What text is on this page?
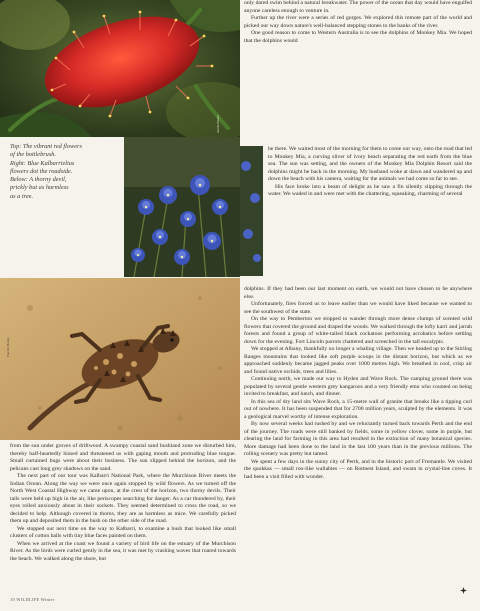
Annie Bluett
Top: The vibrant red flowers
of the bottlebrush.
Right: Blue Kalbarrielius
flowers dot the roadside.
Below: A thorny devil,
prickly but as harmless
as a tree.
Patrick Bailey

only dared swim behind a natural breakwater. The power of the ocean that day would have engulfed anyone careless enough to venture in.

Further up the river were a series of red gorges. We explored this remote part of the world and picked our way down nature's well-balanced stepping stones to the banks of the river.

One good reason to come to Western Australia is to see the dolphins of Monkey Mia. We hoped that the dolphins would

be there. We waited most of the morning for them to come our way, onto the road that led to Monkey Mia, a curving sliver of ivory beach separating the red earth from the blue sea. The sun was setting, and the owners of the Monkey Mia Dolphin Resort said the dolphins might be back in the morning. My husband woke at dawn and wandered up and down the beach with his camera, waiting for the animals we had come so far to see.

His face broke into a beam of delight as he saw a fin silently slipping through the water. We waded in and were met with the chattering, squeaking, charming of several

dolphins. If they had been our last moment on earth, we would not have chosen to be anywhere else.

Unfortunately, fires forced us to leave earlier than we would have liked because we wanted to see the southwest of the state.

On the way to Pemberton we stopped to wander through more dense clumps of scented wild flowers that covered the ground and draped the woods. We walked through the lofty karri and jarrah forests and found a group of white-tailed black cockatoos performing acrobatics before settling down for the evening. Fort Lincoln parrots chattered and screeched in the tall eucalypts.

We stopped at Albany, thankfully no longer a whaling village. Then we headed up to the Stirling Ranges mountains that looked like soft purple scoops in the distant horizon, but which as we approached suddenly became jagged peaks over 1000 metres high. We breathed in cool, crisp air and found native orchids, trees and lilies.

Continuing north, we made our way to Hyden and Wave Rock. The camping ground there was populated by several gentle western grey kangaroos and a very friendly emu who counted on being invited to breakfast, and lunch, and dinner.

In this sea of dry land sits Wave Rock, a 15-metre wall of granite that breaks like a tipping curl out of nowhere. It has been suspended that for 2700 million years, sculpted by the elements. It was a geological marvel worthy of intense exploration.

By now several weeks had rushed by and we reluctantly turned back towards Perth and the end of the journey. The roads were still banked by fields, some in yellow clover, some in purple, but clearing the land for farming in this area had resulted in the extinction of many botanical species. More damage had been done to the land in the last 100 years than in the previous millions. The rolling scenery was pretty but tamed.

We spent a few days in the sunny city of Perth, and in the historic port of Fremantle. We visited the quokkas — small roo-like wallabies — on Rottnest Island, and swam in crystal-line coves. It had been a visit filled with wonder.

from the sun under groves of driftwood. A swampy coastal sand bushland zone we disturbed him, thereby half-heartedly hissed and threatened us with gaping mouth and protruding blue tongue. Small curtained bugs were about their business. The sun slipped behind the horizon, and the pelicans cast long grey shadows on the sand.

The next part of our tour was Kalbarri National Park, where the Murchison River meets the Indian Ocean. Along the way we were once again stopped by wild flowers. As we turned off the North West Coastal Highway we came upon, at the crest of the horizon, two thorny devils. Their tails were held up high in the air, like periscopes searching for danger. As a car thundered by, their eyes rolled anxiously about in their sockets. They seemed determined to cross the road, so we decided to help. Although covered in thorns, they are as harmless as mice. We carefully picked them up and deposited them in the bush on the other side of the road.

We stopped our next time on the way to Kalbarri, to examine a bush that looked like small clusters of cotton balls with tiny blue faces painted on them.

When we arrived at the coast we found a variety of bird life on the estuary of the Murchison River. As the birds were curled gently in the sea, it was met by crashing waves that roared towards the beach. We walked along the shore, but

10 WILDLIFE Winter
